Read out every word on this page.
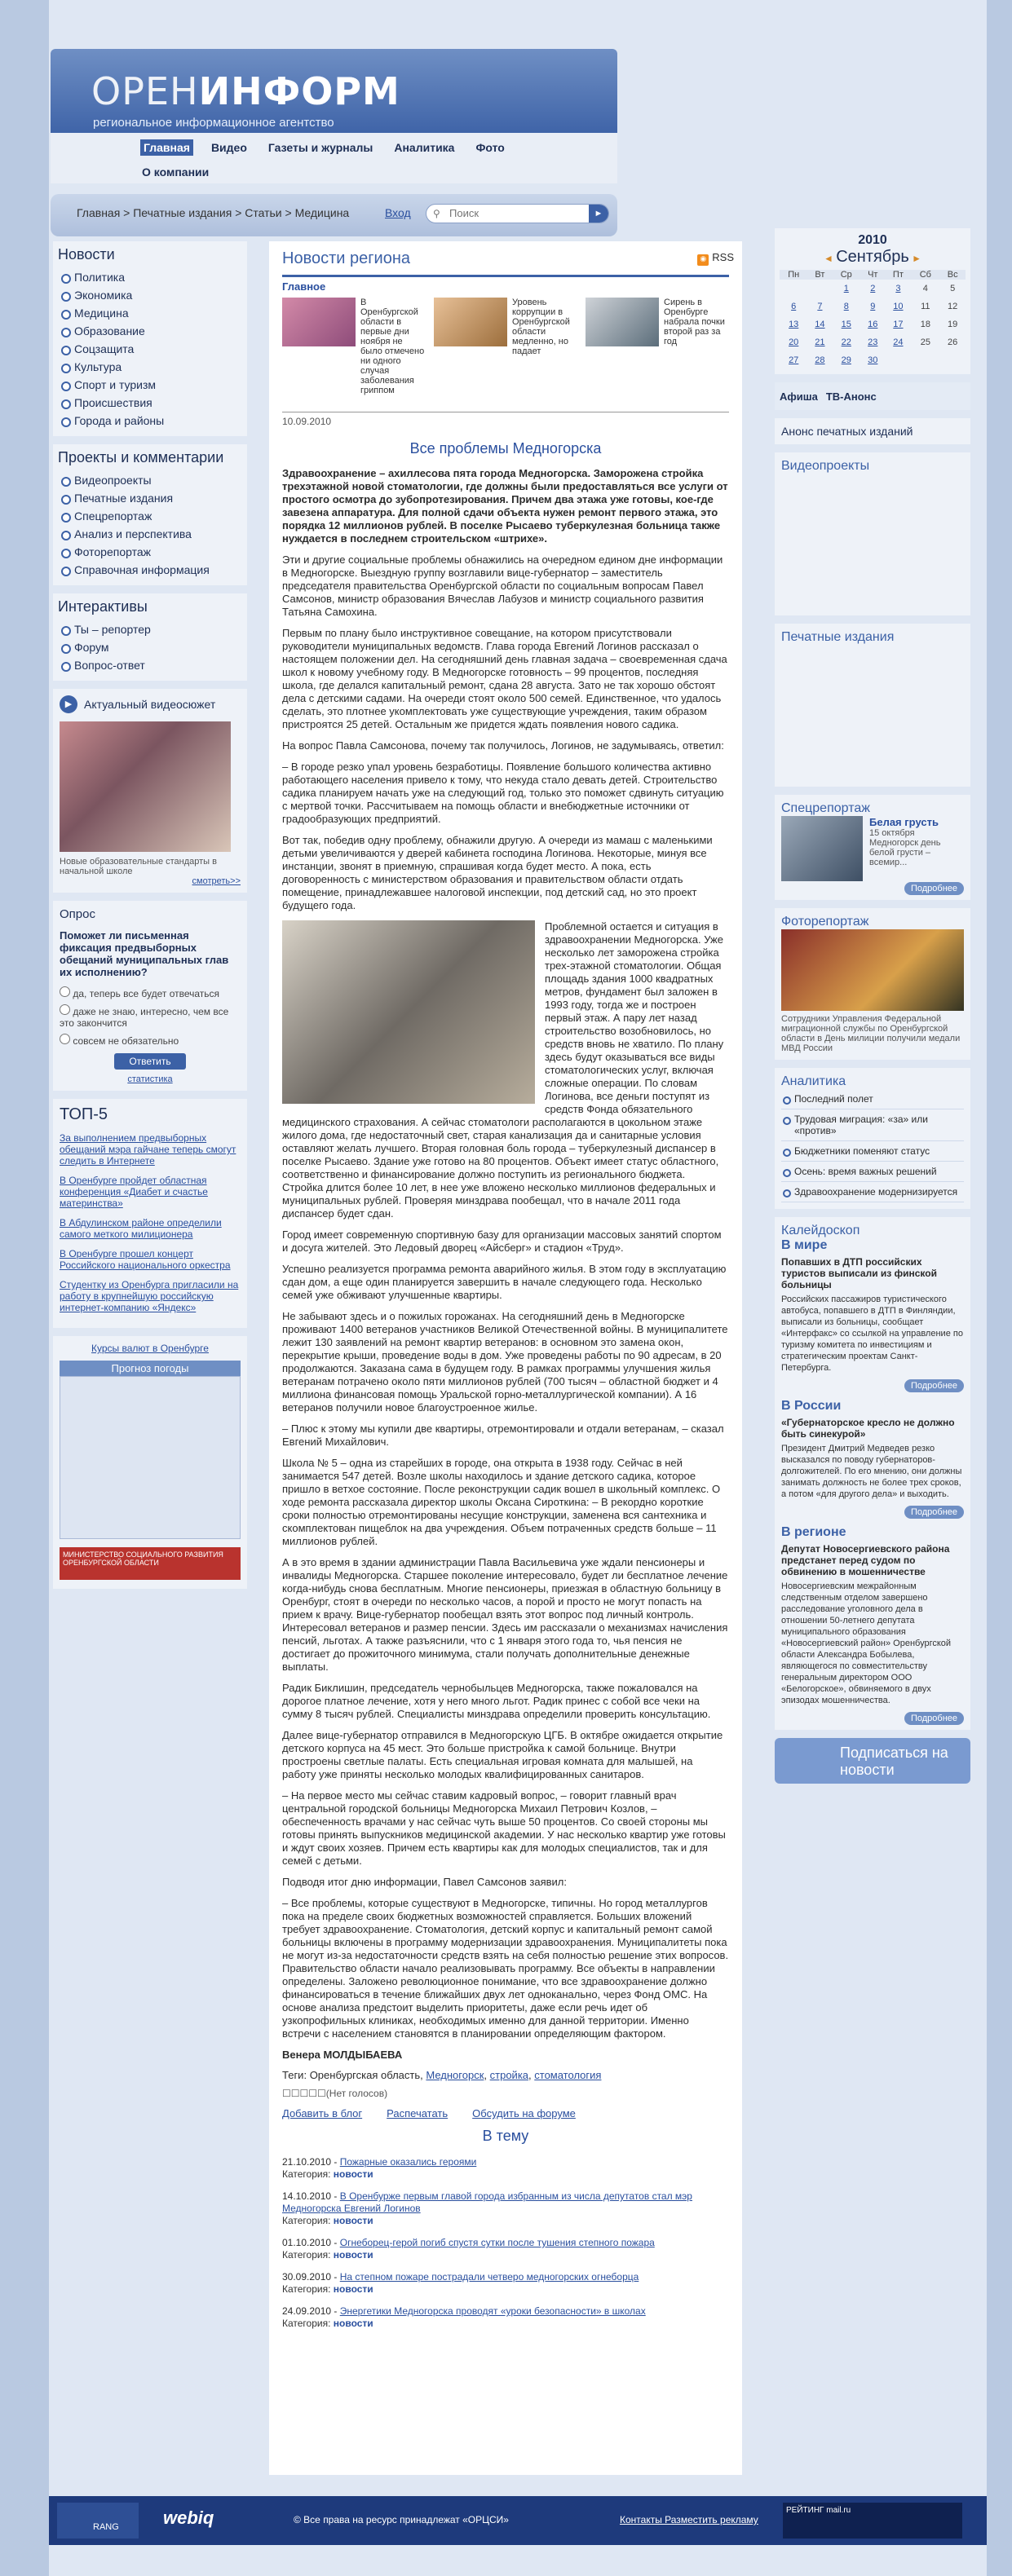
ОРЕНИНФОРМ
региональное информационное агентство
Главная Видео Газеты и журналы Аналитика Фото
О компании
Главная > Печатные издания > Статьи > Медицина	Вход ⚲
Поиск	►
Новости
Политика
Экономика
Медицина
Образование
Соцзащита
Культура
Спорт и туризм
Происшествия
Города и районы
Проекты и комментарии
Видеопроекты
Печатные издания
Спецрепортаж
Анализ и перспектива
Фоторепортаж
Справочная информация
Интерактивы
Ты – репортер
Форум
Вопрос-ответ
▶	Актуальный видеосюжет
Новые образовательные стандарты в начальной школе
смотреть>>
Опрос
Поможет ли письменная фиксация предвыборных обещаний муниципальных глав их исполнению?
да, теперь все будет отвечаться
даже не знаю, интересно, чем все это закончится
совсем не обязательно
Ответить
статистика
ТОП-5

За выполнением предвыборных обещаний мэра гайчане теперь смогут следить в Интернете

В Оренбурге пройдет областная конференция «Диабет и счастье материнства»

В Абдулинском районе определили самого меткого милиционера

В Оренбурге прошел концерт Российского национального оркестра

Студентку из Оренбурга пригласили на работу в крупнейшую российскую интернет-компанию «Яндекс»

Курсы валют в Оренбурге
Прогноз погоды
МИНИСТЕРСТВО СОЦИАЛЬНОГО РАЗВИТИЯ ОРЕНБУРГСКОЙ ОБЛАСТИ
Новости региона	◉ RSS
Главное
В Оренбургской области в первые дни ноября не было отмечено ни одного случая заболевания гриппом
Уровень коррупции в Оренбургской области медленно, но падает
Сирень в Оренбурге набрала почки второй раз за год
10.09.2010
Все проблемы Медногорска
Здравоохранение – ахиллесова пята города Медногорска. Заморожена стройка трехэтажной новой стоматологии, где должны были предоставляться все услуги от простого осмотра до зубопротезирования. Причем два этажа уже готовы, кое-где завезена аппаратура. Для полной сдачи объекта нужен ремонт первого этажа, это порядка 12 миллионов рублей. В поселке Рысаево туберкулезная больница также нуждается в последнем строительском «штрихе».

Эти и другие социальные проблемы обнажились на очередном едином дне информации в Медногорске. Выездную группу возглавили вице-губернатор – заместитель председателя правительства Оренбургской области по социальным вопросам Павел Самсонов, министр образования Вячеслав Лабузов и министр социального развития Татьяна Самохина.

Первым по плану было инструктивное совещание, на котором присутствовали руководители муниципальных ведомств. Глава города Евгений Логинов рассказал о настоящем положении дел. На сегодняшний день главная задача – своевременная сдача школ к новому учебному году. В Медногорске готовность – 99 процентов, последняя школа, где делался капитальный ремонт, сдана 28 августа. Зато не так хорошо обстоят дела с детскими садами. На очереди стоят около 500 семей. Единственное, что удалось сделать, это плотнее укомплектовать уже существующие учреждения, таким образом пристроятся 25 детей. Остальным же придется ждать появления нового садика.

На вопрос Павла Самсонова, почему так получилось, Логинов, не задумываясь, ответил:

– В городе резко упал уровень безработицы. Появление большого количества активно работающего населения привело к тому, что некуда стало девать детей. Строительство садика планируем начать уже на следующий год, только это поможет сдвинуть ситуацию с мертвой точки. Рассчитываем на помощь области и внебюджетные источники от градообразующих предприятий.

Вот так, победив одну проблему, обнажили другую. А очереди из мамаш с маленькими детьми увеличиваются у дверей кабинета господина Логинова. Некоторые, минуя все инстанции, звонят в приемную, спрашивая когда будет место. А пока, есть договоренность с министерством образования и правительством области отдать помещение, принадлежавшее налоговой инспекции, под детский сад, но это проект будущего года.

Проблемной остается и ситуация в здравоохранении Медногорска. Уже несколько лет заморожена стройка трех-этажной стоматологии. Общая площадь здания 1000 квадратных метров, фундамент был заложен в 1993 году, тогда же и построен первый этаж. А пару лет назад строительство возобновилось, но средств вновь не хватило. По плану здесь будут оказываться все виды стоматологических услуг, включая сложные операции. По словам Логинова, все деньги поступят из средств Фонда обязательного медицинского страхования. А сейчас стоматологи располагаются в цокольном этаже жилого дома, где недостаточный свет, старая канализация да и санитарные условия оставляют желать лучшего. Вторая головная боль города – туберкулезный диспансер в поселке Рысаево. Здание уже готово на 80 процентов. Объект имеет статус областного, соответственно и финансирование должно поступить из регионального бюджета. Стройка длится более 10 лет, в нее уже вложено несколько миллионов федеральных и муниципальных рублей. Проверяя минздрава пообещал, что в начале 2011 года диспансер будет сдан.

Город имеет современную спортивную базу для организации массовых занятий спортом и досуга жителей. Это Ледовый дворец «Айсберг» и стадион «Труд».

Успешно реализуется программа ремонта аварийного жилья. В этом году в эксплуатацию сдан дом, а еще один планируется завершить в начале следующего года. Несколько семей уже обживают улучшенные квартиры.

Не забывают здесь и о пожилых горожанах. На сегодняшний день в Медногорске проживают 1400 ветеранов участников Великой Отечественной войны. В муниципалитете лежит 130 заявлений на ремонт квартир ветеранов: в основном это замена окон, перекрытие крыши, проведение воды в дом. Уже проведены работы по 90 адресам, в 20 продолжаются. Заказана сама в будущем году. В рамках программы улучшения жилья ветеранам потрачено около пяти миллионов рублей (700 тысяч – областной бюджет и 4 миллиона финансовая помощь Уральской горно-металлургической компании). А 16 ветеранов получили новое благоустроенное жилье.

– Плюс к этому мы купили две квартиры, отремонтировали и отдали ветеранам, – сказал Евгений Михайлович.

Школа № 5 – одна из старейших в городе, она открыта в 1938 году. Сейчас в ней занимается 547 детей. Возле школы находилось и здание детского садика, которое пришло в ветхое состояние. После реконструкции садик вошел в школьный комплекс. О ходе ремонта рассказала директор школы Оксана Сироткина: – В рекордно короткие сроки полностью отремонтированы несущие конструкции, заменена вся сантехника и скомплектован пищеблок на два учреждения. Объем потраченных средств больше – 11 миллионов рублей.

А в это время в здании администрации Павла Васильевича уже ждали пенсионеры и инвалиды Медногорска. Старшее поколение интересовало, будет ли бесплатное лечение когда-нибудь снова бесплатным. Многие пенсионеры, приезжая в областную больницу в Оренбург, стоят в очереди по несколько часов, а порой и просто не могут попасть на прием к врачу. Вице-губернатор пообещал взять этот вопрос под личный контроль. Интересовал ветеранов и размер пенсии. Здесь им рассказали о механизмах начисления пенсий, льготах. А также разъяснили, что с 1 января этого года то, чья пенсия не достигает до прожиточного минимума, стали получать дополнительные денежные выплаты.

Радик Биклишин, председатель чернобыльцев Медногорска, также пожаловался на дорогое платное лечение, хотя у него много льгот. Радик принес с собой все чеки на сумму 8 тысяч рублей. Специалисты минздрава определили проверить консультацию.

Далее вице-губернатор отправился в Медногорскую ЦГБ. В октябре ожидается открытие детского корпуса на 45 мест. Это больше пристройка к самой больнице. Внутри простроены светлые палаты. Есть специальная игровая комната для малышей, на работу уже приняты несколько молодых квалифицированных санитаров.

– На первое место мы сейчас ставим кадровый вопрос, – говорит главный врач центральной городской больницы Медногорска Михаил Петрович Козлов, – обеспеченность врачами у нас сейчас чуть выше 50 процентов. Со своей стороны мы готовы принять выпускников медицинской академии. У нас несколько квартир уже готовы и ждут своих хозяев. Причем есть квартиры как для молодых специалистов, так и для семей с детьми.

Подводя итог дню информации, Павел Самсонов заявил:

– Все проблемы, которые существуют в Медногорске, типичны. Но город металлургов пока на пределе своих бюджетных возможностей справляется. Больших вложений требует здравоохранение. Стоматология, детский корпус и капитальный ремонт самой больницы включены в программу модернизации здравоохранения. Муниципалитеты пока не могут из-за недостаточности средств взять на себя полностью решение этих вопросов. Правительство области начало реализовывать программу. Все объекты в направлении определены. Заложено революционное понимание, что все здравоохранение должно финансироваться в течение ближайших двух лет одноканально, через Фонд ОМС. На основе анализа предстоит выделить приоритеты, даже если речь идет об узкопрофильных клиниках, необходимых именно для данной территории. Именно встречи с населением становятся в планировании определяющим фактором.

Венера МОЛДЫБАЕВА
Теги: Оренбургская область, Медногорск, стройка, стоматология
☐☐☐☐☐(Нет голосов)
Добавить в блог Распечатать Обсудить на форуме
В тему
21.10.2010 - Пожарные оказались героями
Категория: новости
14.10.2010 - В Оренбурже первым главой города избранным из числа депутатов стал мэр Медногорска Евгений Логинов
Категория: новости
01.10.2010 - Огнеборец-герой погиб спустя сутки после тушения степного пожара
Категория: новости
30.09.2010 - На степном пожаре пострадали четверо медногорских огнеборца
Категория: новости
24.09.2010 - Энергетики Медногорска проводят «уроки безопасности» в школах
Категория: новости
2010
◄ Сентябрь ►
Пн	Вт	Ср	Чт	Пт	Сб	Вс
		1	2	3	4	5
6	7	8	9	10	11	12
13	14	15	16	17	18	19
20	21	22	23	24	25	26
27	28	29	30			
Афиша ТВ-Анонс
Анонс печатных изданий
Видеопроекты
Печатные издания
Спецрепортаж
Белая грусть
15 октября Медногорск день белой грусти – всемир...
Подробнее
Фоторепортаж
Сотрудники Управления Федеральной миграционной службы по Оренбургской области в День милиции получили медали МВД России
Аналитика
Последний полет
Трудовая миграция: «за» или «против»
Бюджетники поменяют статус
Осень: время важных решений
Здравоохранение модернизируется
Калейдоскоп
В мире
Попавших в ДТП российских туристов выписали из финской больницы
Российских пассажиров туристического автобуса, попавшего в ДТП в Финляндии, выписали из больницы, сообщает «Интерфакс» со ссылкой на управление по туризму комитета по инвестициям и стратегическим проектам Санкт-Петербурга.
Подробнее
В России
«Губернаторское кресло не должно быть синекурой»
Президент Дмитрий Медведев резко высказался по поводу губернаторов-долгожителей. По его мнению, они должны занимать должность не более трех сроков, а потом «для другого дела» и выходить.
Подробнее
В регионе
Депутат Новосергиевского района предстанет перед судом по обвинению в мошенничестве
Новосергиевским межрайонным следственным отделом завершено расследование уголовного дела в отношении 50-летнего депутата муниципального образования «Новосергиевский район» Оренбургской области Александра Бобылева, являющегося по совместительству генеральным директором ООО «Белогорское», обвиняемого в двух эпизодах мошенничества.
Подробнее
Подписаться на новости
RANG	webiq	© Все права на ресурс принадлежат «ОРЦСИ»	Контакты Разместить рекламу
РЕЙТИНГ mail.ru
